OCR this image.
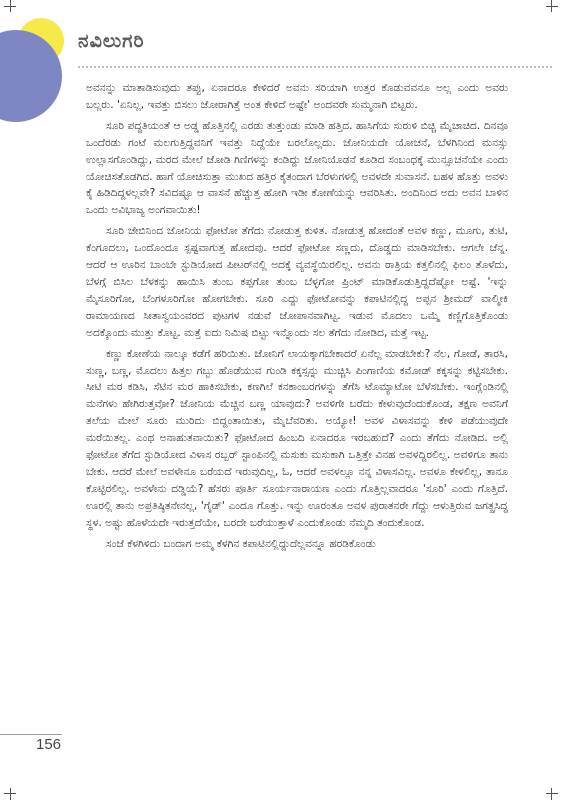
ನವಿಲುಗರಿ

ಅವನನ್ನು ಮಾತಾಡಿಸುವುದು ತಪ್ಪು, ಏನಾದರೂ ಕೇಳಿದರೆ ಅವನು ಸರಿಯಾಗಿ ಉತ್ತರ ಕೊಡುವವನೂ ಅಲ್ಲ ಎಂದು ಅವರು ಬಲ್ಲರು. 'ಏನಿಲ್ಲ, ಇವತ್ತು ಬಿಸಲು ಜೋರಾಗಿತ್ತೆ ಅಂತ ಕೇಳಿದೆ ಅಷ್ಟೇ' ಅಂದವರೇ ಸುಮ್ಮನಾಗಿ ಬಿಟ್ಟರು.

ಸೂರಿ ಪದ್ಧತಿಯಂತೆ ಆ ಅಡ್ಡ ಹೊತ್ತಿನಲ್ಲಿ ಎರಡು ತುತ್ತುಂಡು ಮಾಡಿ ಹತ್ತಿದ. ಹಾಸಿಗೆಯ ಸುರುಳಿ ಬಿಚ್ಚಿ ಮೈಚಾಚಿದ. ದಿನವೂ ಒಂದೆರಡು ಗಂಟೆ ಮಲಗುತ್ತಿದ್ದವನಿಗೆ ಇವತ್ತು ನಿದ್ದೆಯೇ ಬರಲೊಲ್ಲದು. ಜೋನಿಯದೇ ಯೋಚನೆ, ಬೆಳಗಿನಿಂದ ಮನಸ್ಸು ಉಲ್ಲಾಸಗೊಂಡಿದ್ದು, ಮರದ ಮೇಲೆ ಜೋಡಿ ಗಿಣಿಗಳನ್ನು ಕಂಡಿದ್ದು ಜೋನಿಯೊಡನೆ ಕೂಡಿದ ಸಂಬಂಧಕ್ಕೆ ಮುನ್ಸೂಚನೆಯೇ ಎಂದು ಯೋಚಿಸತೊಡಗಿದ. ಹಾಗೆ ಯೋಚಿಸುತ್ತಾ ಮುಖದ ಹತ್ತಿರ ಕೈತಂದಾಗ ಬೆರಳುಗಳಲ್ಲಿ ಅವಳದೇ ಸುವಾಸನೆ. ಬಹಳ ಹೊತ್ತು ಅವಳು ಕೈ ಹಿಡಿದಿದ್ದಳಲ್ಲವೇ? ಸವಿದಷ್ಟೂ ಆ ವಾಸನೆ ಹೆಚ್ಚುತ್ತ ಹೋಗಿ ಇಡೀ ಕೋಣೆಯನ್ನು ಆವರಿಸಿತು. ಅಂದಿನಿಂದ ಅದು ಅವನ ಬಾಳಿನ ಒಂದು ಅವಿಭಾಜ್ಯ ಅಂಗವಾಯಿತು!

ಸೂರಿ ಜೇಬಿನಿಂದ ಜೋನಿಯ ಫೋಟೋ ತೆಗೆದು ನೋಡುತ್ತ ಕುಳಿತ. ನೋಡುತ್ತ ಹೋದಂತೆ ಅವಳ ಕಣ್ಣು, ಮೂಗು, ತುಟಿ, ಕೆಂಗೂದಲು, ಒಂದೊಂದೂ ಸ್ಪಷ್ಟವಾಗುತ್ತ ಹೋದವು. ಆದರೆ ಫೋಟೋ ಸಣ್ಣದು, ದೊಡ್ಡದು ಮಾಡಿಸಬೇಕು. ಆಗಲೇ ಚೆನ್ನ. ಆದರೆ ಆ ಊರಿನ ಬಾಂಬೇ ಸ್ಟುಡಿಯೋದ ಪೀಟರ್‌ನಲ್ಲಿ ಅದಕ್ಕೆ ವ್ಯವಸ್ಥೆಯಿರಲಿಲ್ಲ. ಅವನು ರಾತ್ರಿಯ ಕತ್ತಲಿನಲ್ಲಿ ಫಿಲಂ ತೊಳೆದು, ಬೆಳಗ್ಗೆ ಬಿಸಿಲ ಬೆಳಕನ್ನು ಹಾಯಿಸಿ ತುಂಬ ಕಪ್ಪಗೋ ತುಂಬ ಬೆಳ್ಳಗೋ ಪ್ರಿಂಟ್ ಮಾಡಿಕೊಡುತ್ತಿದ್ದದೆಷ್ಟೋ ಅಷ್ಟೆ. 'ಇನ್ನು ಮೈಸೂರಿಗೋ, ಬೆಂಗಳೂರಿಗೋ ಹೋಗಬೇಕು. ಸೂರಿ ಎದ್ದು ಫೋಟೋವನ್ನು ಕಪಾಟಿನಲ್ಲಿದ್ದ ಅಪ್ಪನ ಶ್ರೀಮದ್ ವಾಲ್ಮೀಕಿ ರಾಮಾಯಣದ ಸೀತಾಸ್ವಯಂವರದ ಪುಟಗಳ ನಡುವೆ ಜೋಪಾನವಾಗಿಟ್ಟ. ಇಡುವ ಮೊದಲು ಒಮ್ಮೆ ಕಣ್ಣಿಗೊತ್ತಿಕೊಂಡು ಅದಕ್ಕೊಂದು ಮುತ್ತು ಕೊಟ್ಟ. ಮತ್ತೆ ಐದು ನಿಮಿಷ ಬಿಟ್ಟು ಇನ್ನೊಂದು ಸಲ ತೆಗೆದು ನೋಡಿದ, ಮತ್ತೆ ಇಟ್ಟ.

ಕಣ್ಣು ಕೋಣೆಯ ನಾಲ್ಕೂ ಕಡೆಗೆ ಹರಿಯಿತು. ಜೋನಿಗೆ ಲಾಯಕ್ಕಾಗಬೇಕಾದರೆ ಏನೆಲ್ಲ ಮಾಡಬೇಕು? ನೆಲ, ಗೋಡೆ, ತಾರಸಿ, ಸುಣ್ಣ, ಬಣ್ಣ, ಮೊದಲು ಹಿತ್ತಲ ಗಬ್ಬು ಹೊಡೆಯುವ ಗುಂಡಿ ಕಕ್ಕಸ್ಸನ್ನು ಮುಚ್ಚಿಸಿ ಪಿಂಗಾಣಿಯ ಕಮೋಡ್ ಕಕ್ಕಸನ್ನು ಕಟ್ಟಿಸಬೇಕು. ಸೀಟಿ ಮರ ಕಡಿಸಿ, ಸೆಟಿನ ಮರ ಹಾಕಿಸಬೇಕು, ಕಣಗಿಲೆ ಕನಕಾಂಬರಗಳನ್ನು ತೆಗೆಸಿ ಟೊಮ್ಯಾಟೋ ಬೆಳೆಸಬೇಕು. ಇಂಗ್ಲೆಂಡಿನಲ್ಲಿ ಮನೆಗಳು ಹೇಗಿರುತ್ತವೋ? ಜೋನಿಯ ಮೆಚ್ಚಿನ ಬಣ್ಣ ಯಾವುದು? ಅವಳಿಗೇ ಬರೆದು ಕೇಳುವುದೆಂದುಕೊಂಡ, ತಕ್ಷಣ ಅವನಿಗೆ ತಲೆಯ ಮೇಲೆ ಸೂರು ಮುರಿದು ಬಿದ್ದಂತಾಯಿತು, ಮೈಬೆವರಿತು. ಅಯ್ಯೋ! ಅವಳ ವಿಳಾಸವನ್ನು ಕೇಳಿ ಪಡೆಯುವುದೇ ಮರೆಯಿತಲ್ಲ. ಎಂಥ ಅನಾಹುತವಾಯಿತು? ಫೋಟೋದ ಹಿಂಬದಿ ಏನಾದರೂ ಇರಬಹುದೆ? ಎಂದು ತೆಗೆದು ನೋಡಿದ. ಅಲ್ಲಿ ಫೋಟೋ ತೆಗೆದ ಸ್ಟುಡಿಯೋದ ವಿಳಾಸ ರಬ್ಬರ್ ಸ್ಟಾಂಪಿನಲ್ಲಿ ಮಸುಕು ಮಸುಕಾಗಿ ಒತ್ತಿತ್ತೇ ವಿನಹ ಅವಳದ್ದಿರಲಿಲ್ಲ. ಅವಳಿಗೂ ತಾನು ಬೇಕು. ಆದರೆ ಮೇಲೆ ಅವಳೇನೂ ಬರೆಯದೆ ಇರುವುದಿಲ್ಲ, ಓ, ಆದರೆ ಅವಳಲ್ಲೂ ನನ್ನ ವಿಳಾಸವಿಲ್ಲ. ಅವಳೂ ಕೇಳಲಿಲ್ಲ, ತಾನೂ ಕೊಟ್ಟಿರಲಿಲ್ಲ. ಅವಳೇನು ದಡ್ಡಿಯೆ? ಹೆಸರು ಪೂರ್ತಿ ಸೂರ್ಯನಾರಾಯಣ ಎಂದು ಗೊತ್ತಿಲ್ಲವಾದರೂ 'ಸೂರಿ' ಎಂದು ಗೊತ್ತಿದೆ. ಊರಲ್ಲಿ ತಾನು ಅಪ್ರತಿಷ್ಠಿತನೇನಲ್ಲ, 'ಗೈಡ್' ಎಂದೂ ಗೊತ್ತು. ಇನ್ನು ಊರಂತೂ ಅವಳ ಪುರಾತನರೇ ಗೆದ್ದು ಆಳುತ್ತಿರುವ ಜಗತ್ಪ್ರಸಿದ್ಧ ಸ್ಥಳ. ಅಷ್ಟು ಹೊಳೆಯದೇ ಇರುತ್ತದೆಯೇ, ಬರದೇ ಬರೆಯುತ್ತಾಳೆ ಎಂದುಕೊಂಡು ನೆಮ್ಮದಿ ತಂದುಕೊಂಡ.

ಸಂಜೆ ಕೆಳಗಿಳಿದು ಬಂದಾಗ ಅಮ್ಮ ಕೆಳಗಿನ ಕಪಾಟಿನಲ್ಲಿದ್ದುದೆಲ್ಲವನ್ನೂ ಹರಡಿಕೊಂಡು

156
